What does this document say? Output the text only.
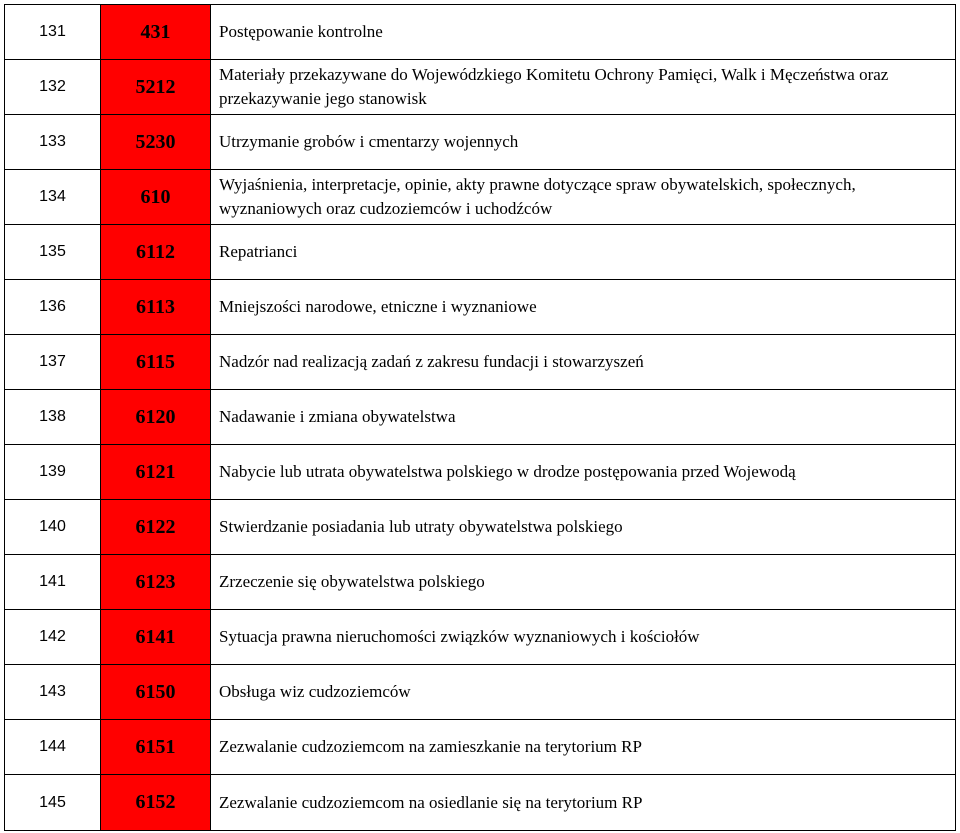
131	431	Postępowanie kontrolne
132	5212	Materiały przekazywane do Wojewódzkiego Komitetu Ochrony Pamięci, Walk i Męczeństwa oraz przekazywanie jego stanowisk
133	5230	Utrzymanie grobów i cmentarzy wojennych
134	610	Wyjaśnienia, interpretacje, opinie, akty prawne dotyczące spraw obywatelskich, społecznych, wyznaniowych oraz cudzoziemców i uchodźców
135	6112	Repatrianci
136	6113	Mniejszości narodowe, etniczne i wyznaniowe
137	6115	Nadzór nad realizacją zadań z zakresu fundacji i stowarzyszeń
138	6120	Nadawanie i zmiana obywatelstwa
139	6121	Nabycie lub utrata obywatelstwa polskiego w drodze postępowania przed Wojewodą
140	6122	Stwierdzanie posiadania lub utraty obywatelstwa polskiego
141	6123	Zrzeczenie się obywatelstwa polskiego
142	6141	Sytuacja prawna nieruchomości związków wyznaniowych i kościołów
143	6150	Obsługa wiz cudzoziemców
144	6151	Zezwalanie cudzoziemcom na zamieszkanie na terytorium RP
145	6152	Zezwalanie cudzoziemcom na osiedlanie się na terytorium RP
